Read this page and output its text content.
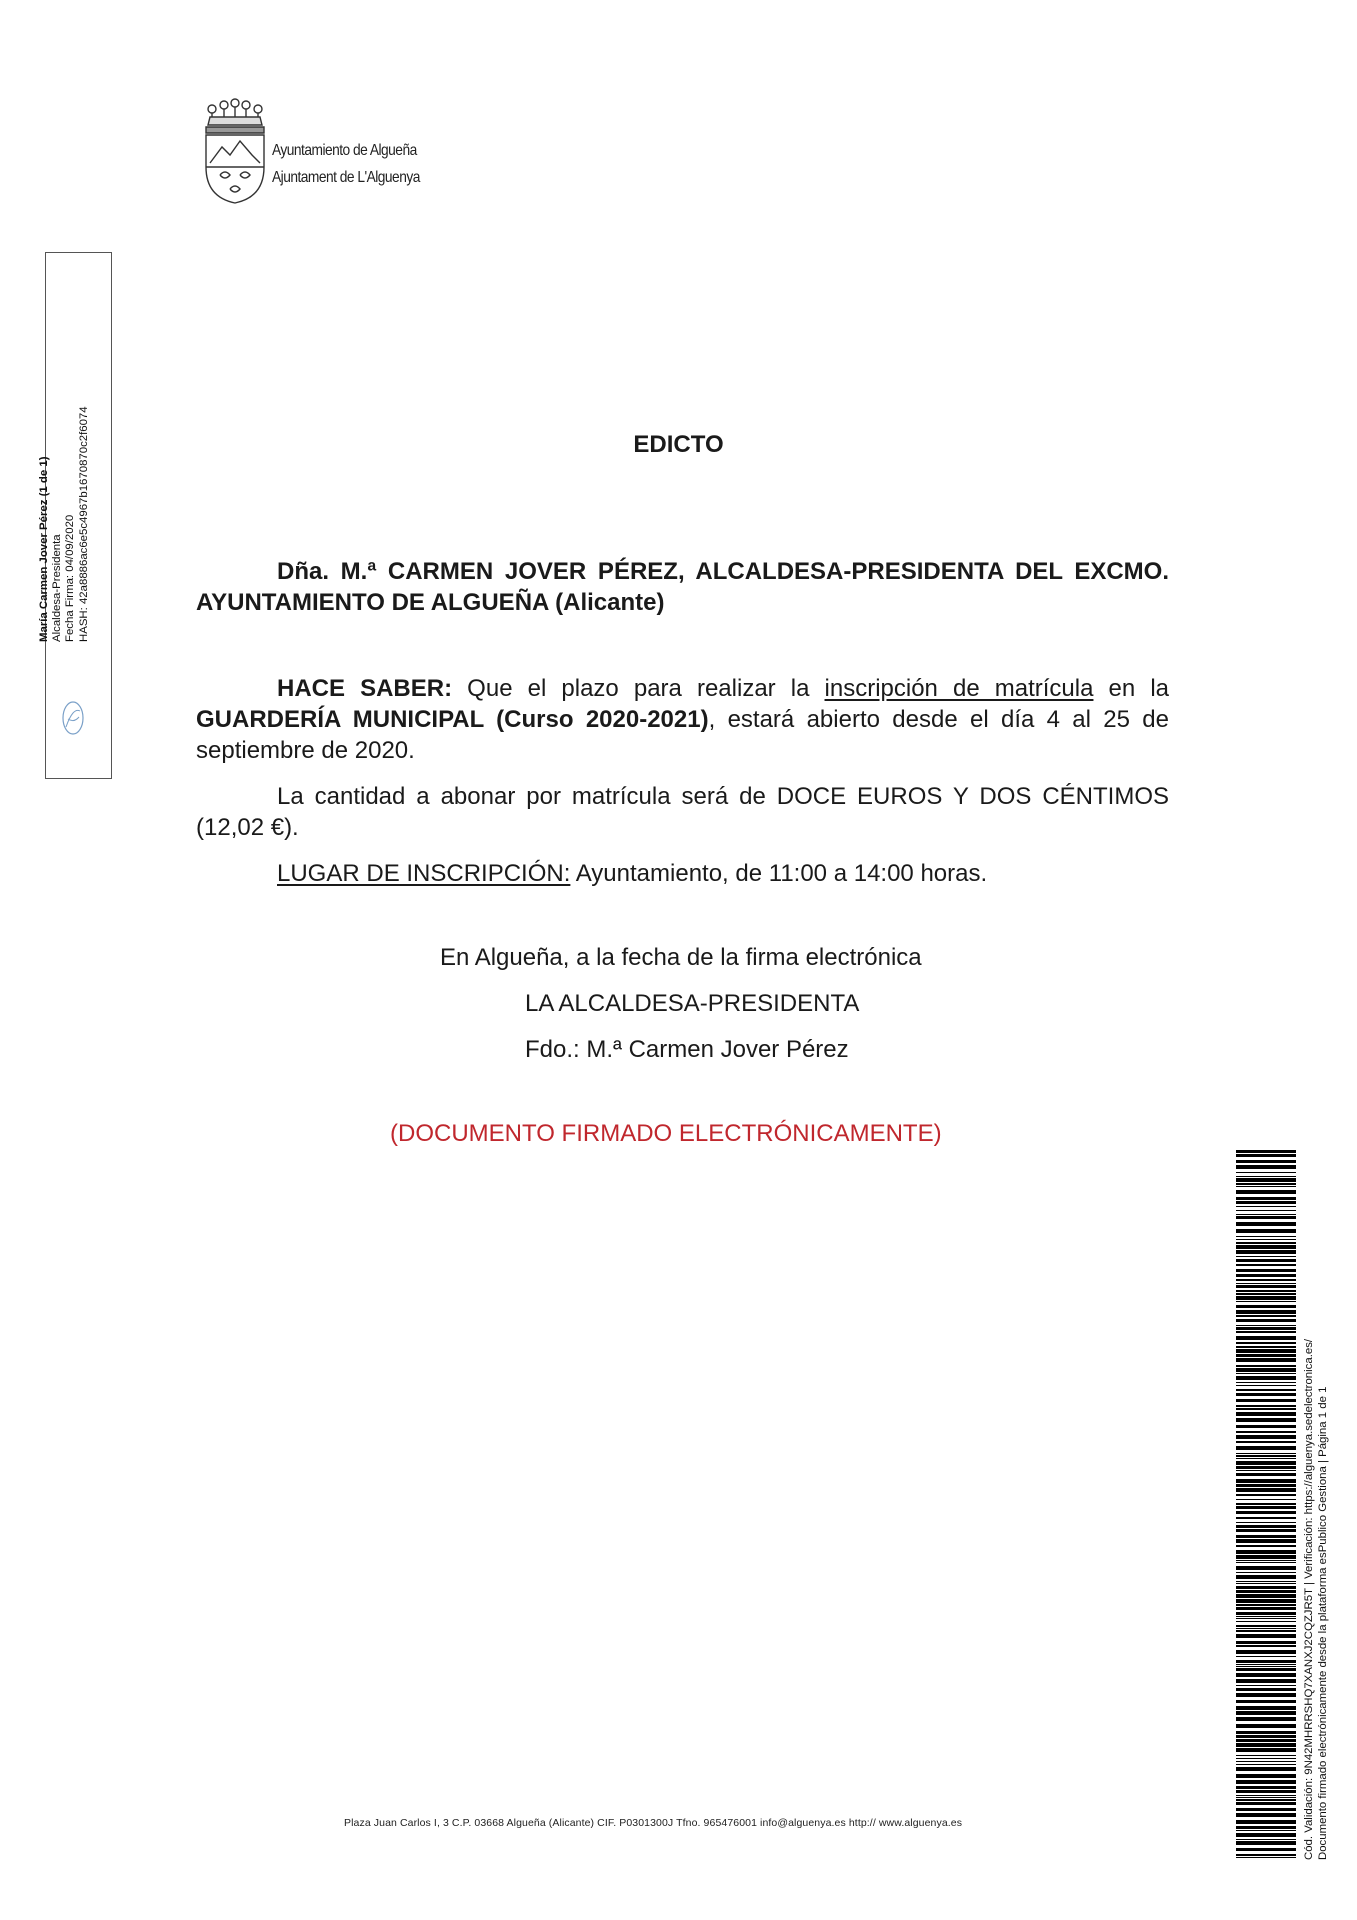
Ayuntamiento de Algueña
Ajuntament de L'Alguenya
María Carmen Jover Pérez (1 de 1) Alcaldesa-Presidenta Fecha Firma: 04/09/2020 HASH: 42a8886ac6e5c4967b1670870c2f6074	EDICTO
Dña. M.ª CARMEN JOVER PÉREZ, ALCALDESA-PRESIDENTA DEL EXCMO. AYUNTAMIENTO DE ALGUEÑA (Alicante)
HACE SABER: Que el plazo para realizar la inscripción de matrícula en la GUARDERÍA MUNICIPAL (Curso 2020-2021), estará abierto desde el día 4 al 25 de septiembre de 2020.
La cantidad a abonar por matrícula será de DOCE EUROS Y DOS CÉNTIMOS (12,02 €).
LUGAR DE INSCRIPCIÓN: Ayuntamiento, de 11:00 a 14:00 horas.
En Algueña, a la fecha de la firma electrónica
LA ALCALDESA-PRESIDENTA
Fdo.: M.ª Carmen Jover Pérez
(DOCUMENTO FIRMADO ELECTRÓNICAMENTE)
Plaza Juan Carlos I, 3 C.P. 03668 Algueña (Alicante) CIF. P0301300J Tfno. 965476001 info@alguenya.es http:// www.alguenya.es	Cód. Validación: 9N42MHRRSHQ7XANXJ2CQZJR5T | Verificación: https://alguenya.sedelectronica.es/ Documento firmado electrónicamente desde la plataforma esPublico Gestiona | Página 1 de 1
